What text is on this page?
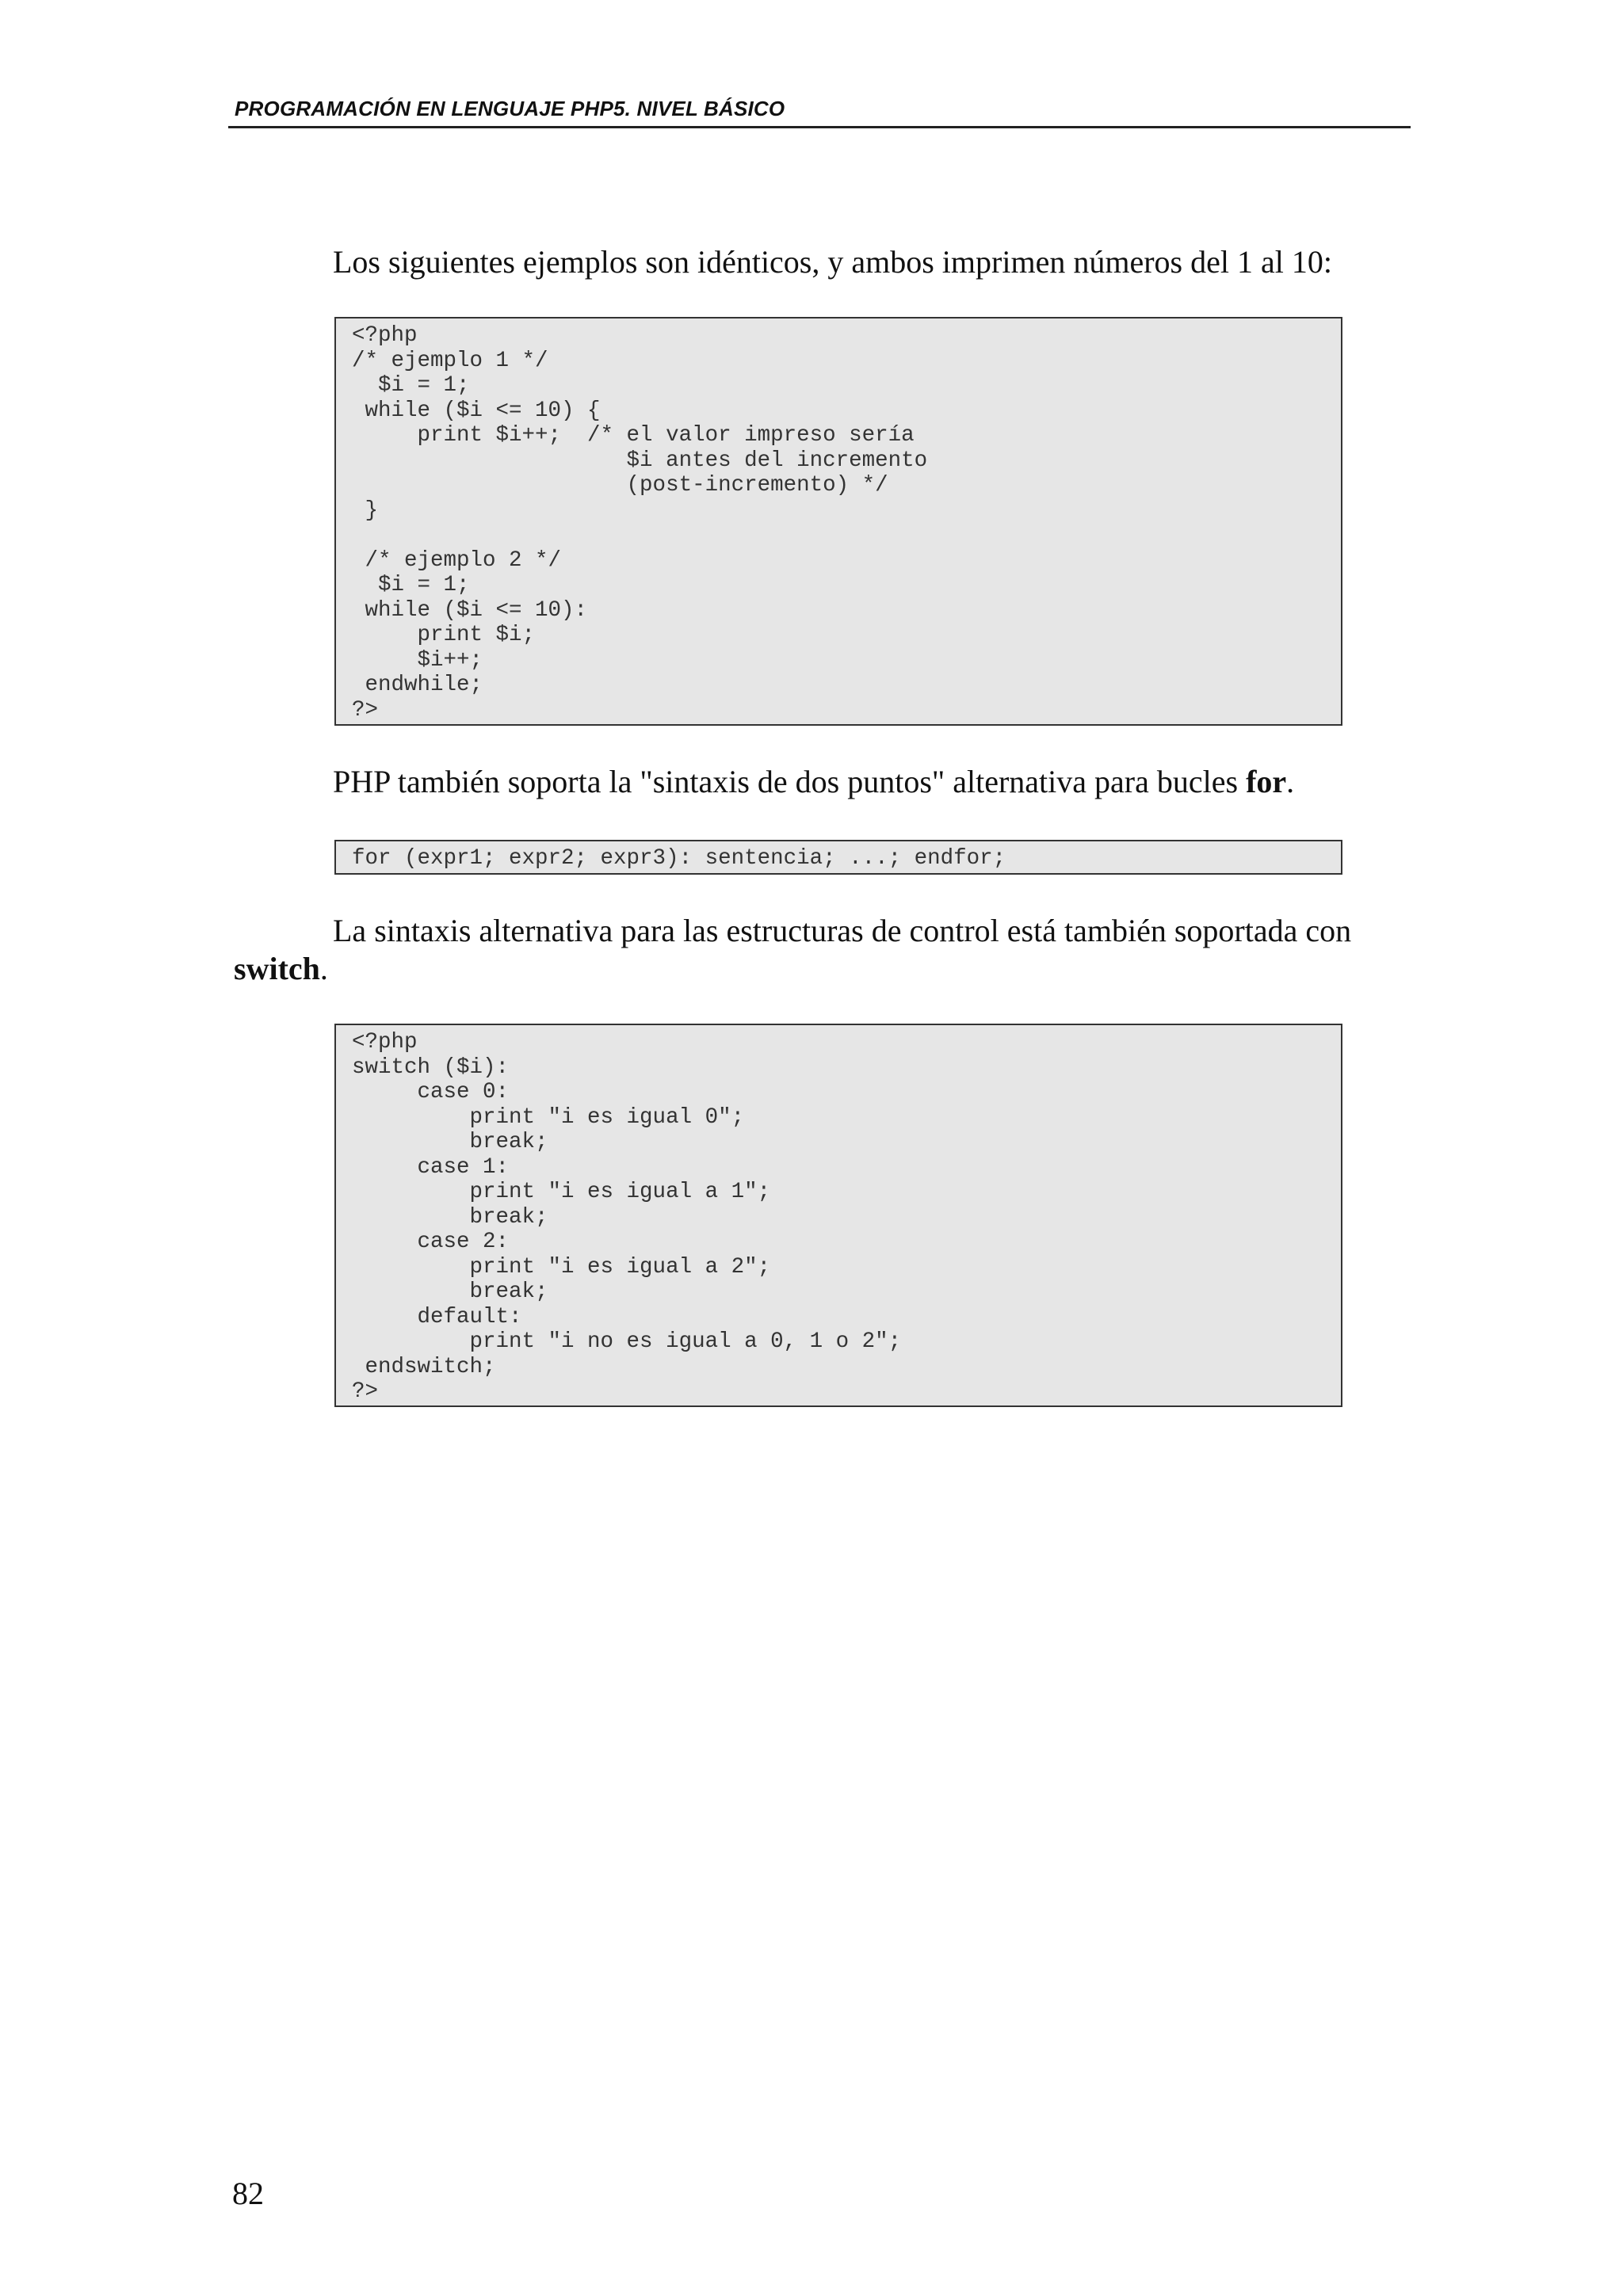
PROGRAMACIÓN EN LENGUAJE PHP5. NIVEL BÁSICO
Los siguientes ejemplos son idénticos, y ambos imprimen números del 1 al 10:
<?php
/* ejemplo 1 */
$i = 1;
while ($i <= 10) {
print $i++;  /* el valor impreso sería
$i antes del incremento
(post-incremento) */
}

/* ejemplo 2 */
$i = 1;
while ($i <= 10):
print $i;
$i++;
endwhile;
?>
PHP también soporta la "sintaxis de dos puntos" alternativa para bucles for.
for (expr1; expr2; expr3): sentencia; ...; endfor;
La sintaxis alternativa para las estructuras de control está también soportada con
switch.
<?php
switch ($i):
case 0:
print "i es igual 0";
break;
case 1:
print "i es igual a 1";
break;
case 2:
print "i es igual a 2";
break;
default:
print "i no es igual a 0, 1 o 2";
endswitch;
?>
82
